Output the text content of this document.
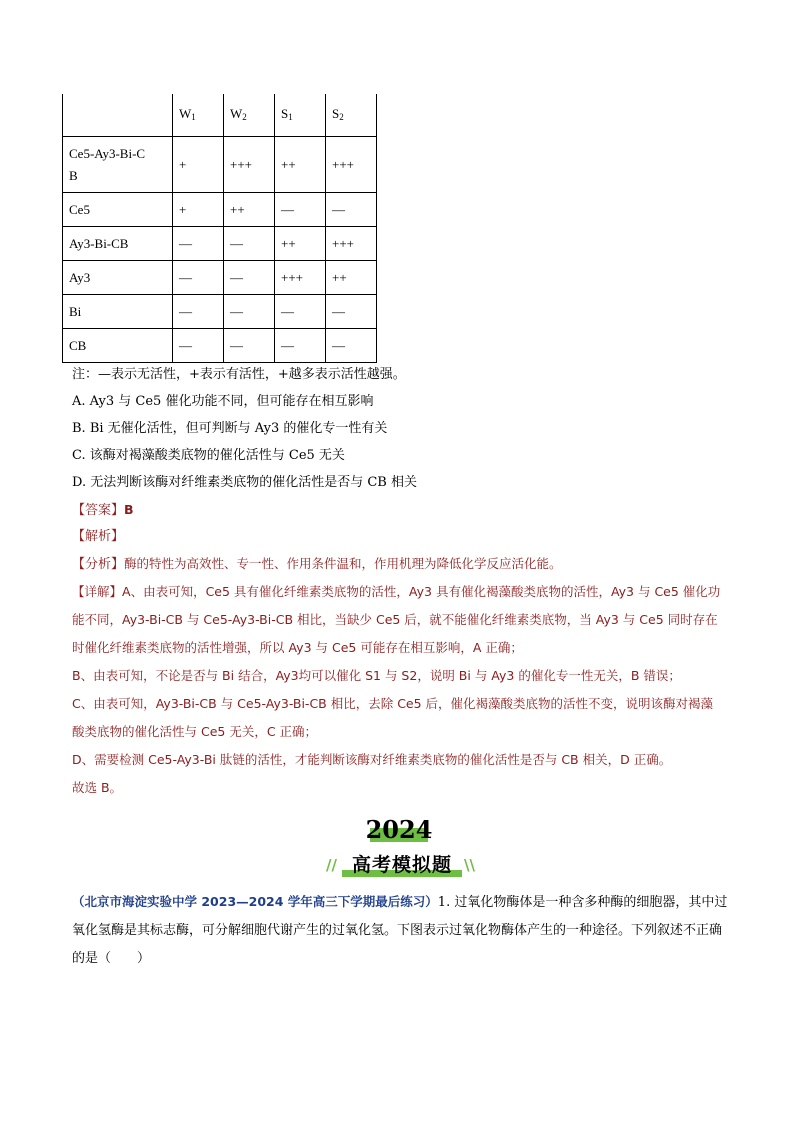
	$W_1$	$W_2$	$S_1$	$S_2$
Ce5-Ay3-Bi-C
B	+	+++	++	+++
Ce5	+	++	—	—
Ay3-Bi-CB	—	—	++	+++
Ay3	—	—	+++	++
Bi	—	—	—	—
CB	—	—	—	—
注：—表示无活性，+表示有活性，+越多表示活性越强。
A. Ay3 与 Ce5 催化功能不同，但可能存在相互影响
B. Bi 无催化活性，但可判断与 Ay3 的催化专一性有关
C. 该酶对褐藻酸类底物的催化活性与 Ce5 无关
D. 无法判断该酶对纤维素类底物的催化活性是否与 CB 相关
【答案】B
【解析】
【分析】酶的特性为高效性、专一性、作用条件温和，作用机理为降低化学反应活化能。
【详解】A、由表可知，Ce5 具有催化纤维素类底物的活性，Ay3 具有催化褐藻酸类底物的活性，Ay3 与 Ce5 催化功能不同，Ay3-Bi-CB 与 Ce5-Ay3-Bi-CB 相比，当缺少 Ce5 后，就不能催化纤维素类底物，当 Ay3 与 Ce5 同时存在时催化纤维素类底物的活性增强，所以 Ay3 与 Ce5 可能存在相互影响，A 正确；
B、由表可知，不论是否与 Bi 结合，Ay3均可以催化 S1 与 S2，说明 Bi 与 Ay3 的催化专一性无关，B 错误；
C、由表可知，Ay3-Bi-CB 与 Ce5-Ay3-Bi-CB 相比，去除 Ce5 后，催化褐藻酸类底物的活性不变，说明该酶对褐藻酸类底物的催化活性与 Ce5 无关，C 正确；
D、需要检测 Ce5-Ay3-Bi 肽链的活性，才能判断该酶对纤维素类底物的催化活性是否与 CB 相关，D 正确。
故选 B。
2024
// 高考模拟题 \\
（北京市海淀实验中学 2023—2024 学年高三下学期最后练习）1. 过氧化物酶体是一种含多种酶的细胞器，其中过氧化氢酶是其标志酶，可分解细胞代谢产生的过氧化氢。下图表示过氧化物酶体产生的一种途径。下列叙述不正确的是（　　）
